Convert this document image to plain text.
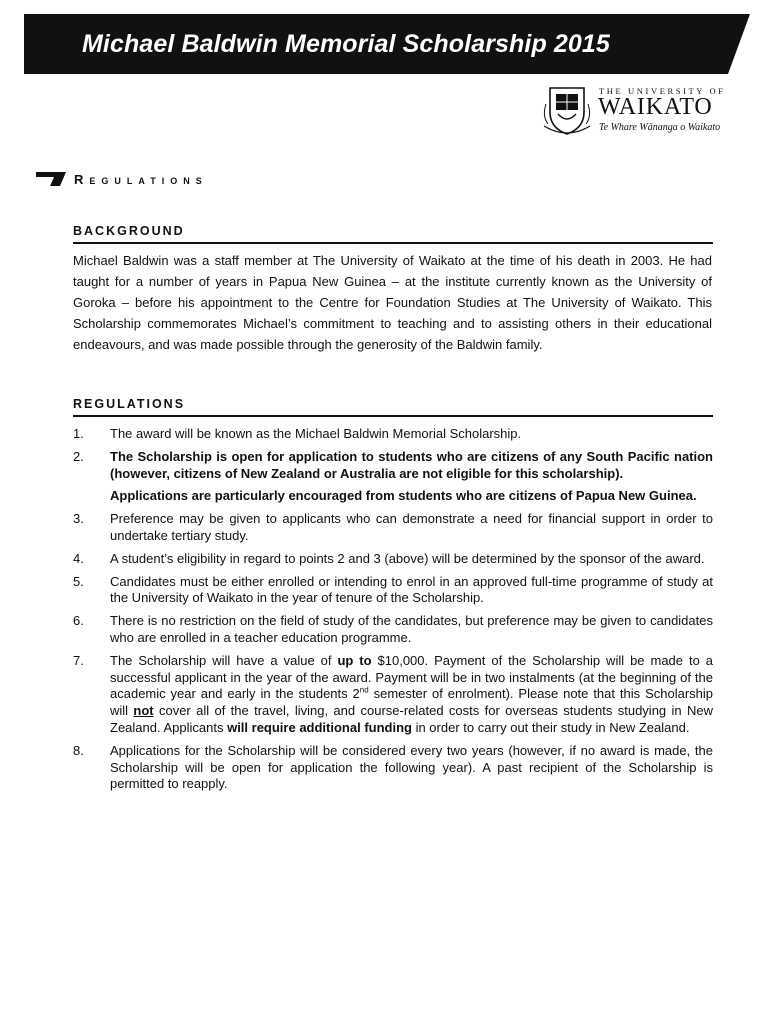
Michael Baldwin Memorial Scholarship 2015
THE UNIVERSITY OF
WAIKATO
Te Whare Wānanga o Waikato
Regulations
BACKGROUND

Michael Baldwin was a staff member at The University of Waikato at the time of his death in 2003. He had taught for a number of years in Papua New Guinea – at the institute currently known as the University of Goroka – before his appointment to the Centre for Foundation Studies at The University of Waikato. This Scholarship commemorates Michael’s commitment to teaching and to assisting others in their educational endeavours, and was made possible through the generosity of the Baldwin family.

REGULATIONS
1. The award will be known as the Michael Baldwin Memorial Scholarship.
2. The Scholarship is open for application to students who are citizens of any South Pacific nation (however, citizens of New Zealand or Australia are not eligible for this scholarship).
Applications are particularly encouraged from students who are citizens of Papua New Guinea.
3. Preference may be given to applicants who can demonstrate a need for financial support in order to undertake tertiary study.
4. A student’s eligibility in regard to points 2 and 3 (above) will be determined by the sponsor of the award.
5. Candidates must be either enrolled or intending to enrol in an approved full-time programme of study at the University of Waikato in the year of tenure of the Scholarship.
6. There is no restriction on the field of study of the candidates, but preference may be given to candidates who are enrolled in a teacher education programme.
7. The Scholarship will have a value of up to $10,000. Payment of the Scholarship will be made to a successful applicant in the year of the award. Payment will be in two instalments (at the beginning of the academic year and early in the students 2nd semester of enrolment). Please note that this Scholarship will not cover all of the travel, living, and course-related costs for overseas students studying in New Zealand. Applicants will require additional funding in order to carry out their study in New Zealand.
8. Applications for the Scholarship will be considered every two years (however, if no award is made, the Scholarship will be open for application the following year). A past recipient of the Scholarship is permitted to reapply.
